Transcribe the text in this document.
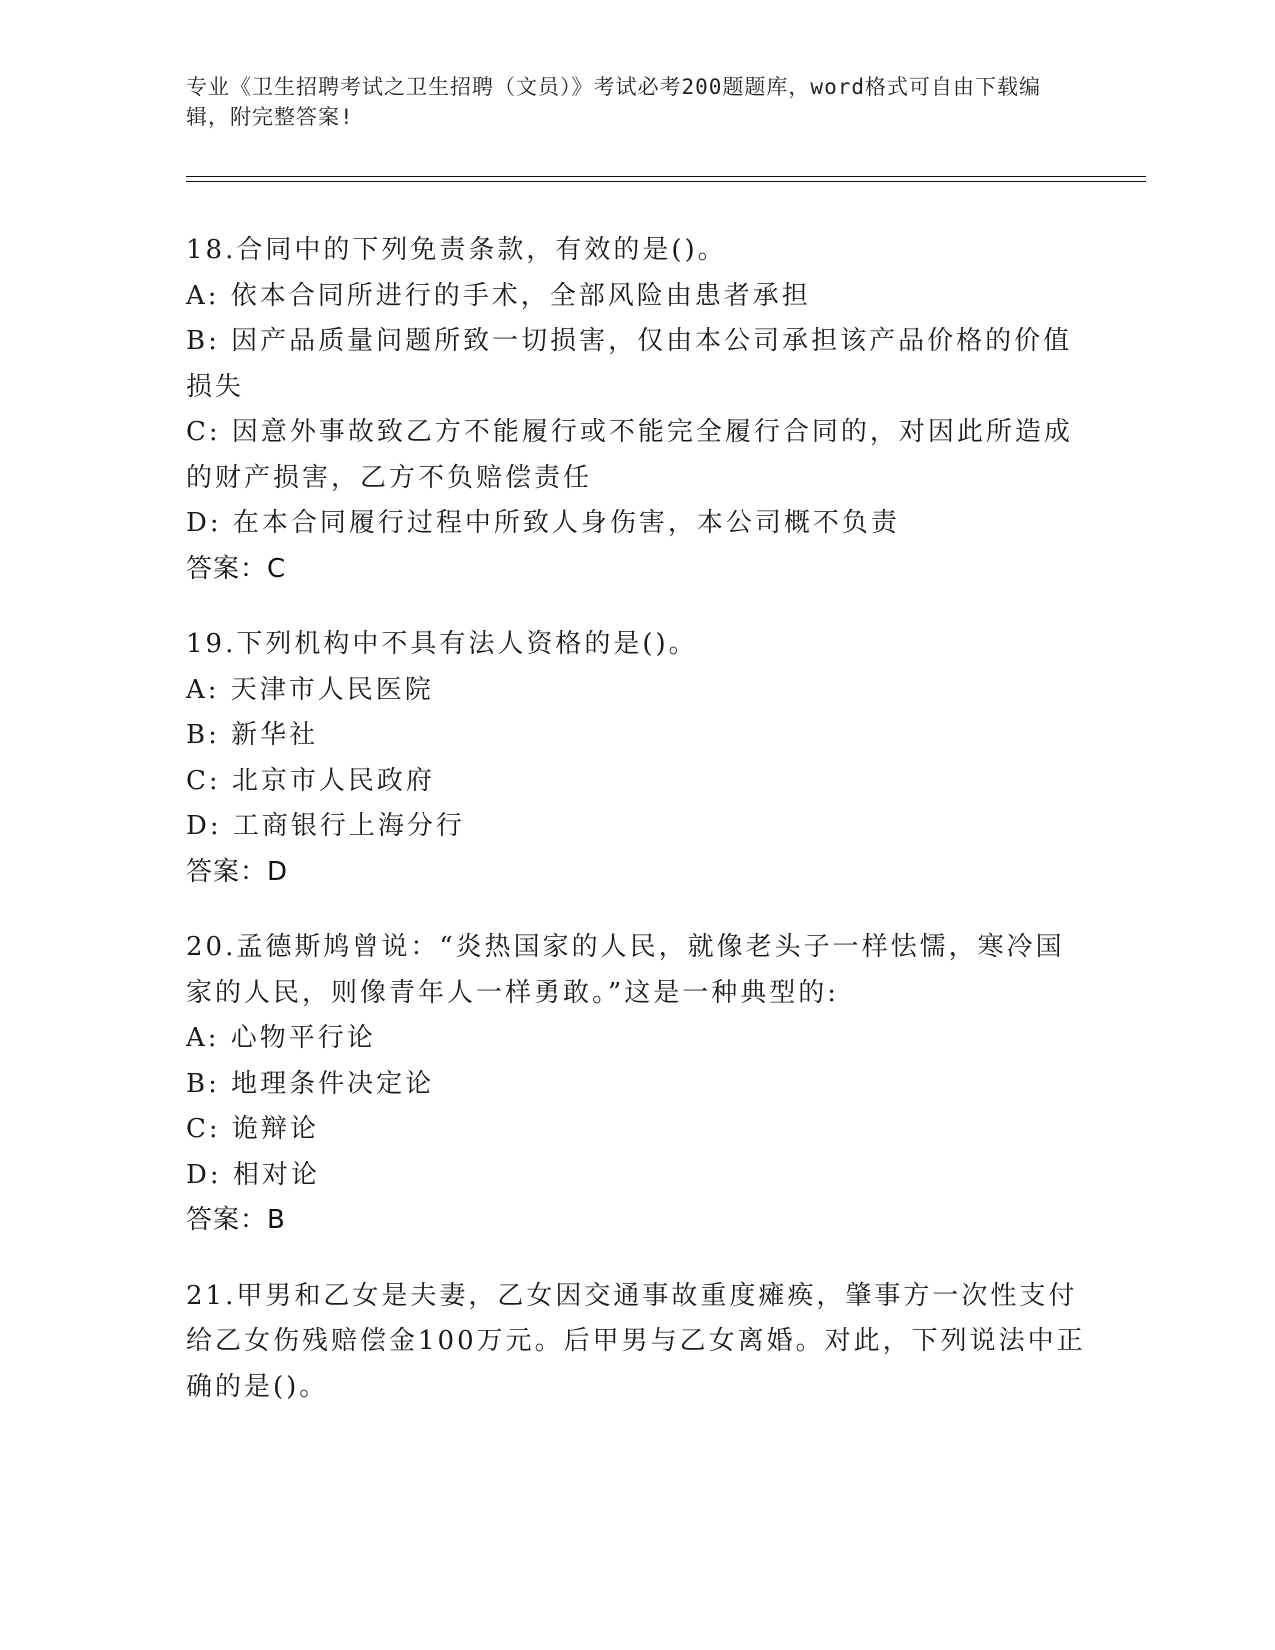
专业《卫生招聘考试之卫生招聘（文员）》考试必考200题题库，word格式可自由下载编辑，附完整答案!
18.合同中的下列免责条款，有效的是()。
A: 依本合同所进行的手术，全部风险由患者承担
B: 因产品质量问题所致一切损害，仅由本公司承担该产品价格的价值损失
C: 因意外事故致乙方不能履行或不能完全履行合同的，对因此所造成的财产损害，乙方不负赔偿责任
D: 在本合同履行过程中所致人身伤害，本公司概不负责
答案：C
19.下列机构中不具有法人资格的是()。
A: 天津市人民医院
B: 新华社
C: 北京市人民政府
D: 工商银行上海分行
答案：D
20.孟德斯鸠曾说：“炎热国家的人民，就像老头子一样怯懦，寒冷国家的人民，则像青年人一样勇敢。”这是一种典型的:
A: 心物平行论
B: 地理条件决定论
C: 诡辩论
D: 相对论
答案：B
21.甲男和乙女是夫妻，乙女因交通事故重度瘫痪，肇事方一次性支付给乙女伤残赔偿金100万元。后甲男与乙女离婚。对此，下列说法中正确的是()。
